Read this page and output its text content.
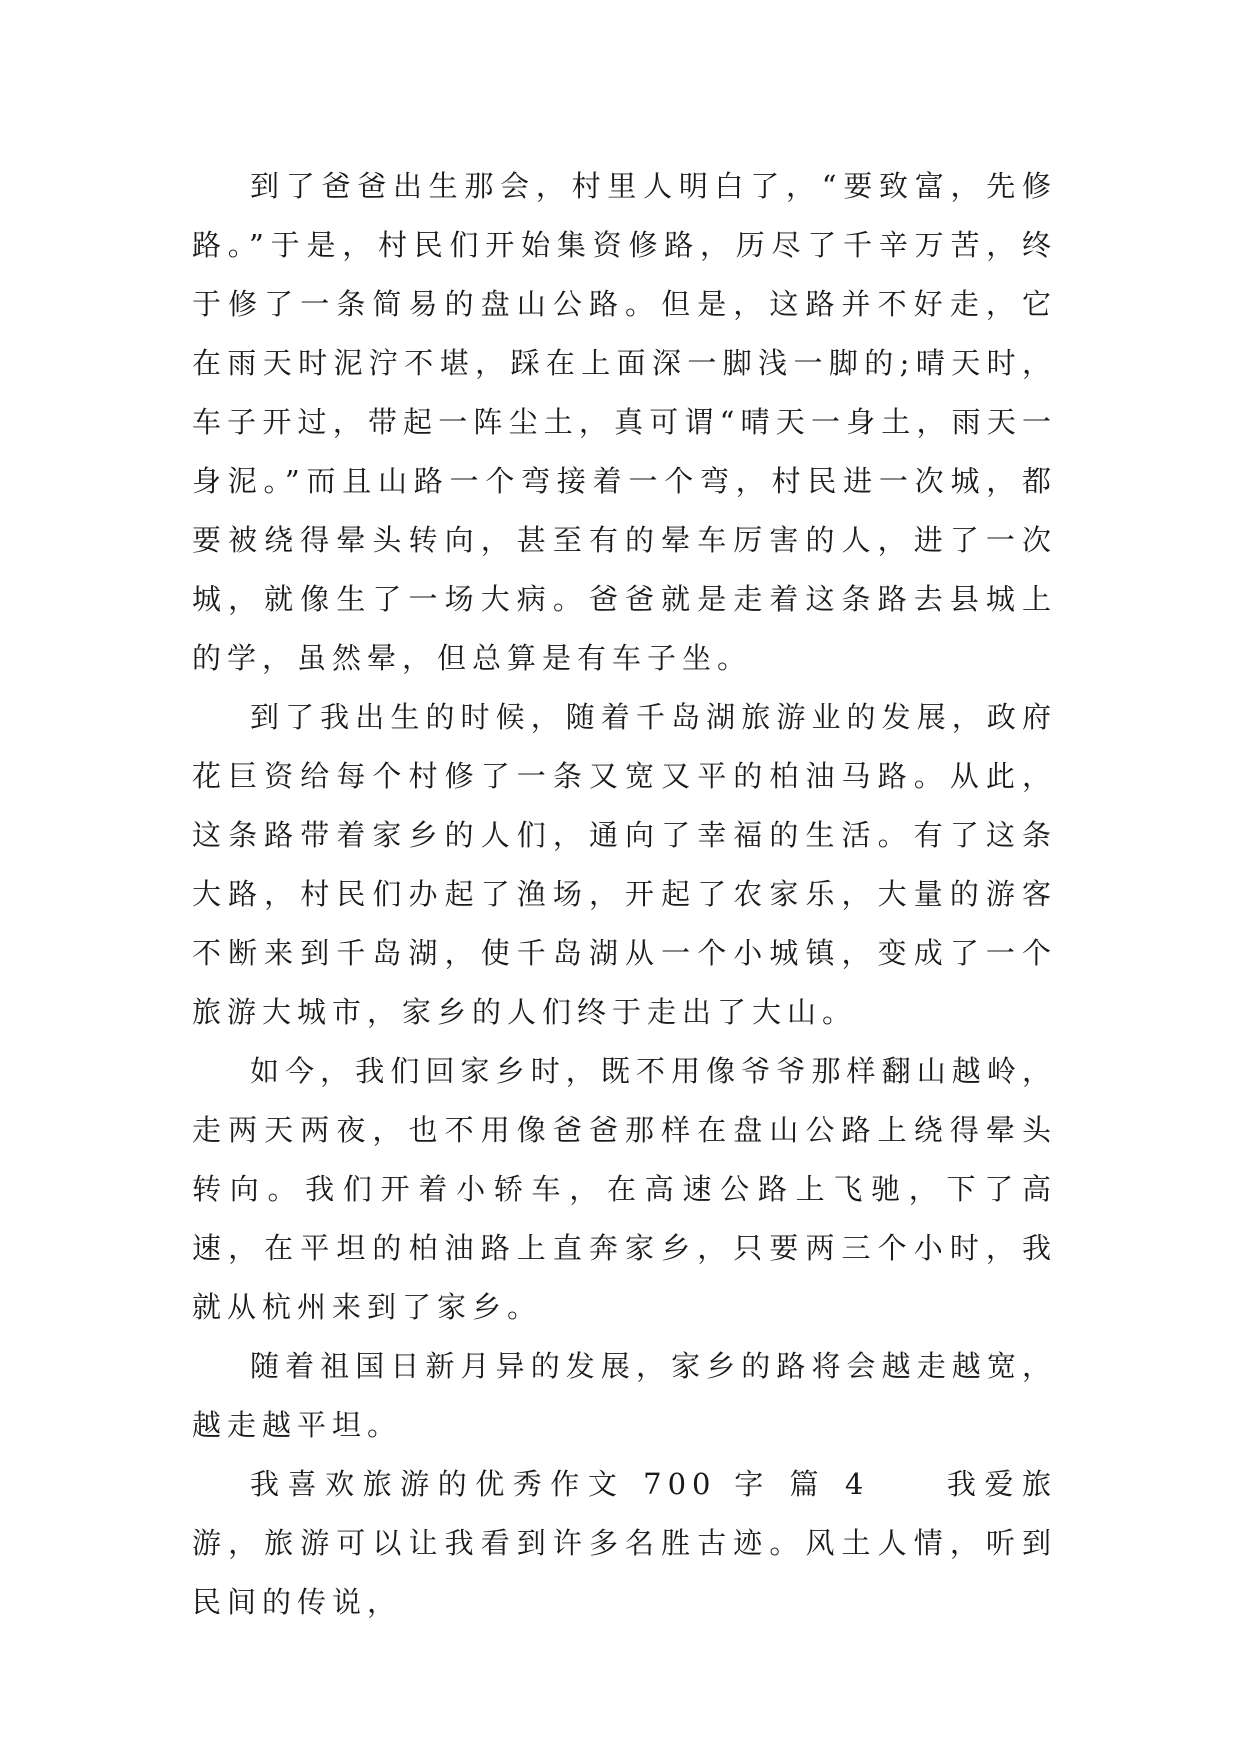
到了爸爸出生那会，村里人明白了，“要致富，先修路。”于是，村民们开始集资修路，历尽了千辛万苦，终于修了一条简易的盘山公路。但是，这路并不好走，它在雨天时泥泞不堪，踩在上面深一脚浅一脚的;晴天时，车子开过，带起一阵尘土，真可谓“晴天一身土，雨天一身泥。”而且山路一个弯接着一个弯，村民进一次城，都要被绕得晕头转向，甚至有的晕车厉害的人，进了一次城，就像生了一场大病。爸爸就是走着这条路去县城上的学，虽然晕，但总算是有车子坐。

到了我出生的时候，随着千岛湖旅游业的发展，政府花巨资给每个村修了一条又宽又平的柏油马路。从此，这条路带着家乡的人们，通向了幸福的生活。有了这条大路，村民们办起了渔场，开起了农家乐，大量的游客不断来到千岛湖，使千岛湖从一个小城镇，变成了一个旅游大城市，家乡的人们终于走出了大山。

如今，我们回家乡时，既不用像爷爷那样翻山越岭，走两天两夜，也不用像爸爸那样在盘山公路上绕得晕头转向。我们开着小轿车，在高速公路上飞驰，下了高速，在平坦的柏油路上直奔家乡，只要两三个小时，我就从杭州来到了家乡。

随着祖国日新月异的发展，家乡的路将会越走越宽，越走越平坦。

我喜欢旅游的优秀作文 700 字 篇 4　　我爱旅游，旅游可以让我看到许多名胜古迹。风土人情，听到民间的传说，
